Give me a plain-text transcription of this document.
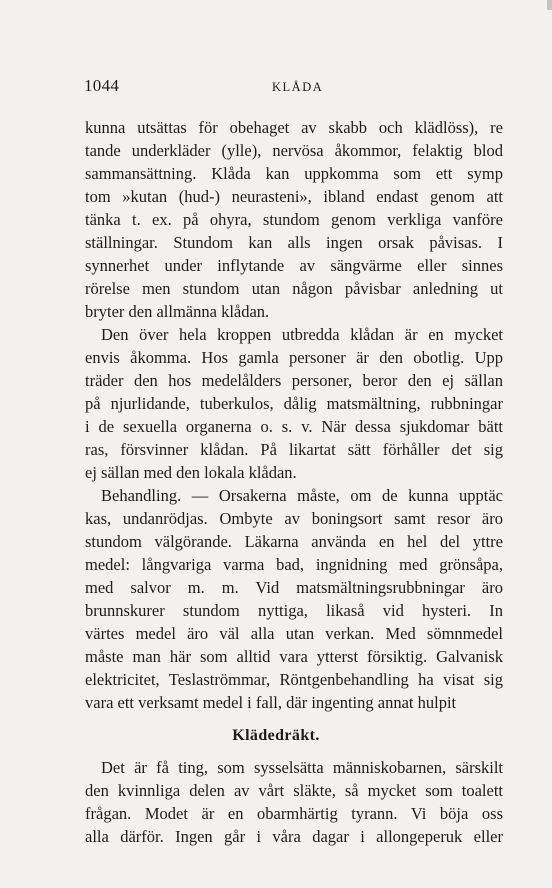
1044	KLÅDA
kunna utsättas för obehaget av skabb och klädlöss), re
tande underkläder (ylle), nervösa åkommor, felaktig blod
sammansättning. Klåda kan uppkomma som ett symp
tom »kutan (hud-) neurasteni», ibland endast genom att
tänka t. ex. på ohyra, stundom genom verkliga vanföre
ställningar. Stundom kan alls ingen orsak påvisas. I
synnerhet under inflytande av sängvärme eller sinnes
rörelse men stundom utan någon påvisbar anledning ut
bryter den allmänna klådan.
Den över hela kroppen utbredda klådan är en mycket
envis åkomma. Hos gamla personer är den obotlig. Upp
träder den hos medelålders personer, beror den ej sällan
på njurlidande, tuberkulos, dålig matsmältning, rubbningar
i de sexuella organerna o. s. v. När dessa sjukdomar bätt
ras, försvinner klådan. På likartat sätt förhåller det sig
ej sällan med den lokala klådan.
Behandling. — Orsakerna måste, om de kunna upptäc
kas, undanrödjas. Ombyte av boningsort samt resor äro
stundom välgörande. Läkarna använda en hel del yttre
medel: långvariga varma bad, ingnidning med grönsåpa,
med salvor m. m. Vid matsmältningsrubbningar äro
brunnskurer stundom nyttiga, likaså vid hysteri. In
värtes medel äro väl alla utan verkan. Med sömnmedel
måste man här som alltid vara ytterst försiktig. Galvanisk
elektricitet, Teslaströmmar, Röntgenbehandling ha visat sig
vara ett verksamt medel i fall, där ingenting annat hulpit
Klädedräkt.
Det är få ting, som sysselsätta människobarnen, särskilt
den kvinnliga delen av vårt släkte, så mycket som toalett
frågan. Modet är en obarmhärtig tyrann. Vi böja oss
alla därför. Ingen går i våra dagar i allongeperuk eller
